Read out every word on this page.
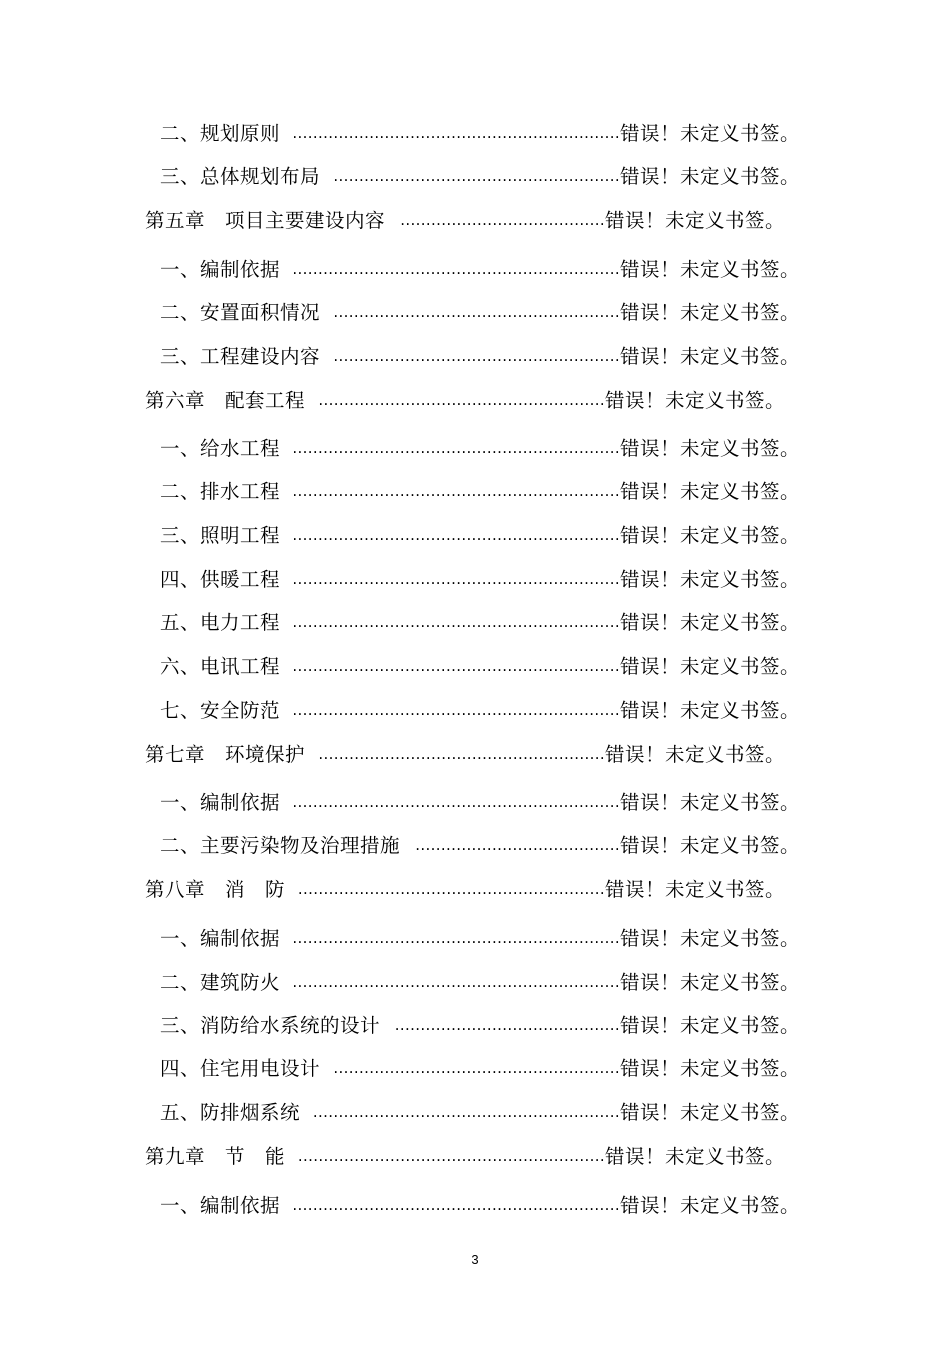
二、规划原则 .....	错误！未定义书签。
三、总体规划布局 .....	错误！未定义书签。
第五章　项目主要建设内容 .....	错误！未定义书签。
一、编制依据 .....	错误！未定义书签。
二、安置面积情况 .....	错误！未定义书签。
三、工程建设内容 .....	错误！未定义书签。
第六章　配套工程 .....	错误！未定义书签。
一、给水工程 .....	错误！未定义书签。
二、排水工程 .....	错误！未定义书签。
三、照明工程 .....	错误！未定义书签。
四、供暖工程 .....	错误！未定义书签。
五、电力工程 .....	错误！未定义书签。
六、电讯工程 .....	错误！未定义书签。
七、安全防范 .....	错误！未定义书签。
第七章　环境保护 .....	错误！未定义书签。
一、编制依据 .....	错误！未定义书签。
二、主要污染物及治理措施 .....	错误！未定义书签。
第八章　消　防 .....	错误！未定义书签。
一、编制依据 .....	错误！未定义书签。
二、建筑防火 .....	错误！未定义书签。
三、消防给水系统的设计 .....	错误！未定义书签。
四、住宅用电设计 .....	错误！未定义书签。
五、防排烟系统 .....	错误！未定义书签。
第九章　节　能 .....	错误！未定义书签。
一、编制依据 .....	错误！未定义书签。
3
